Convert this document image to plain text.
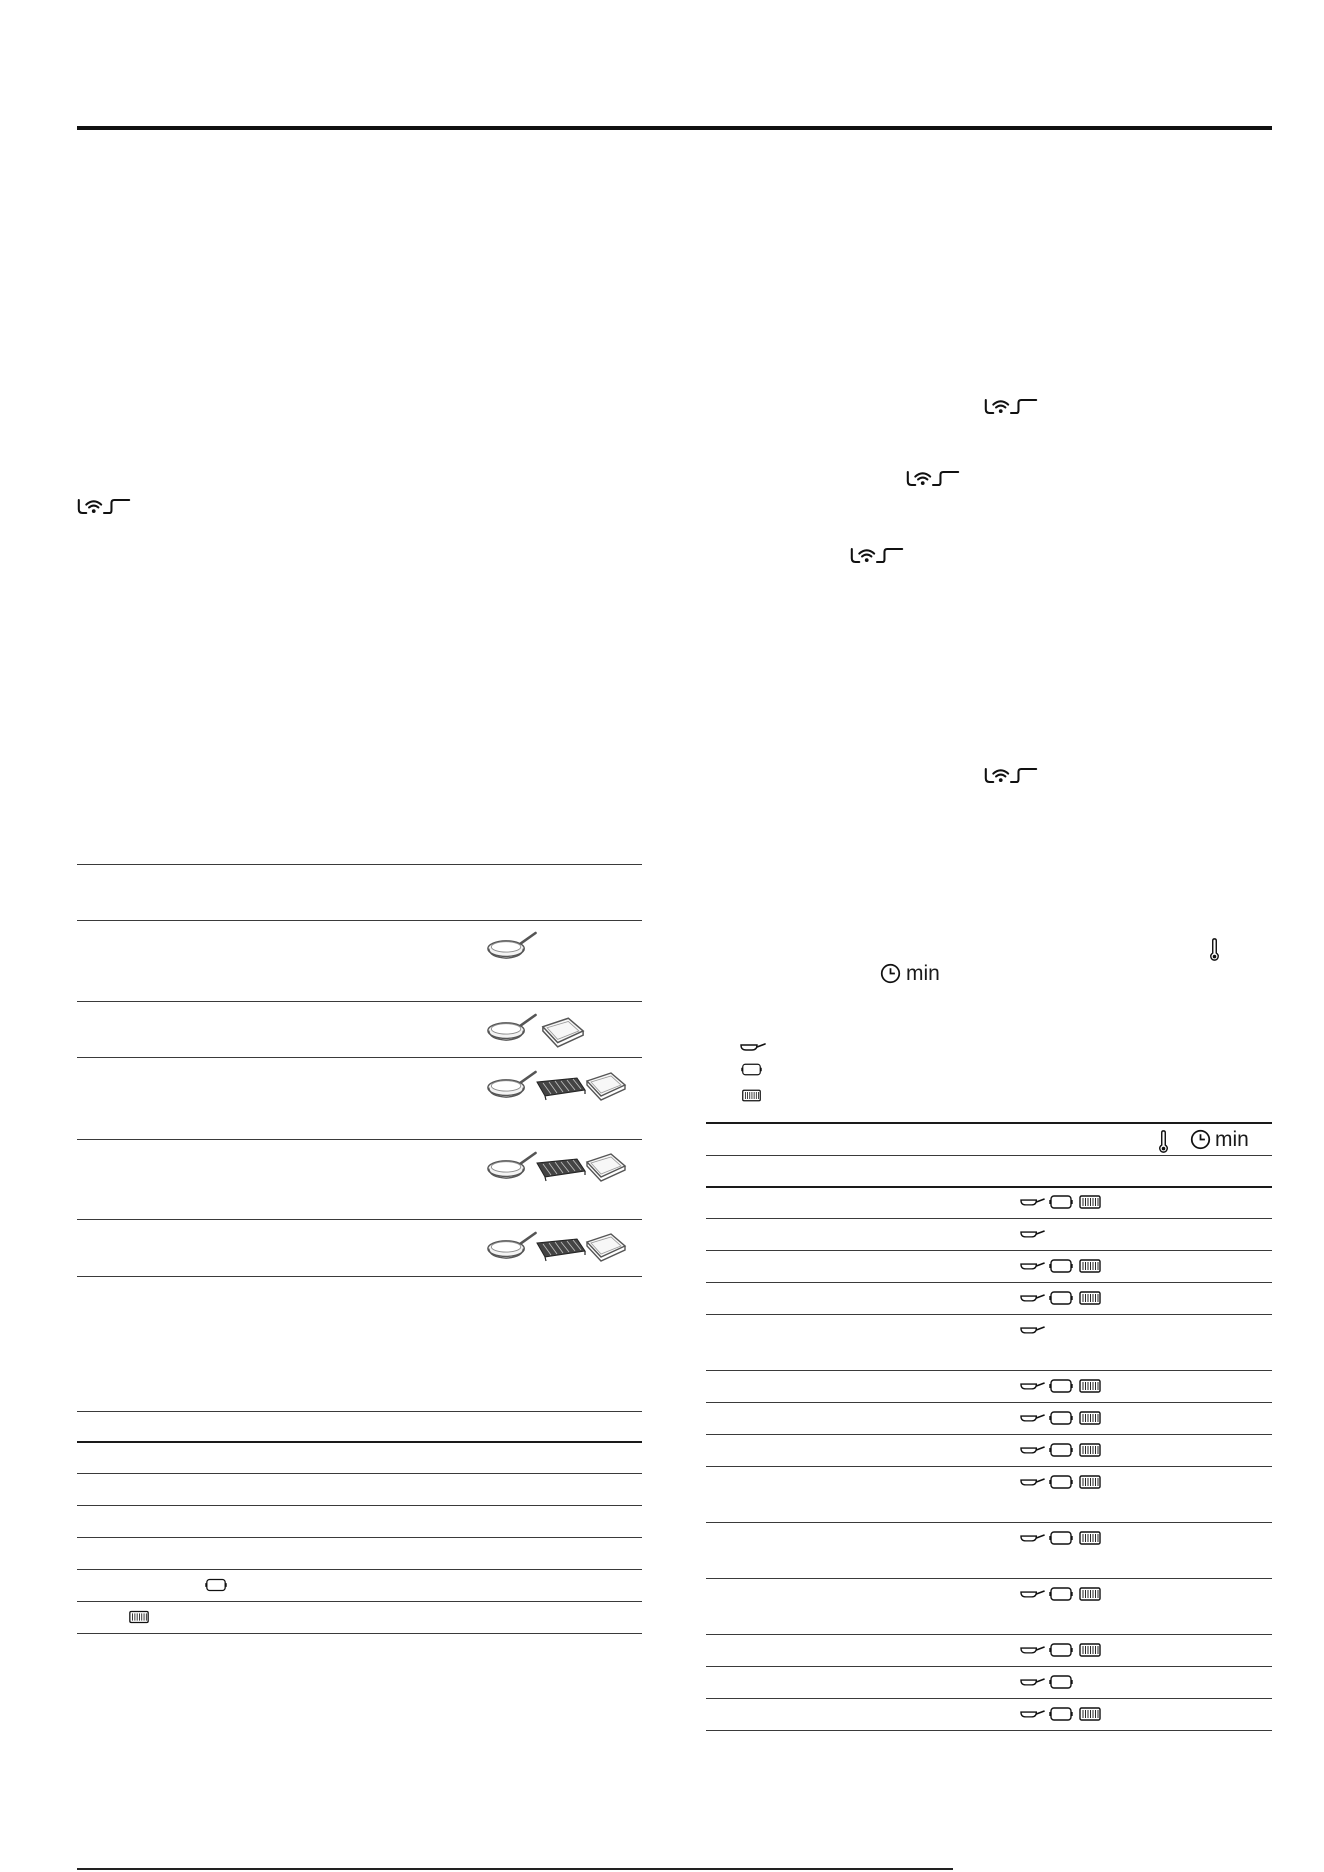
min
min
